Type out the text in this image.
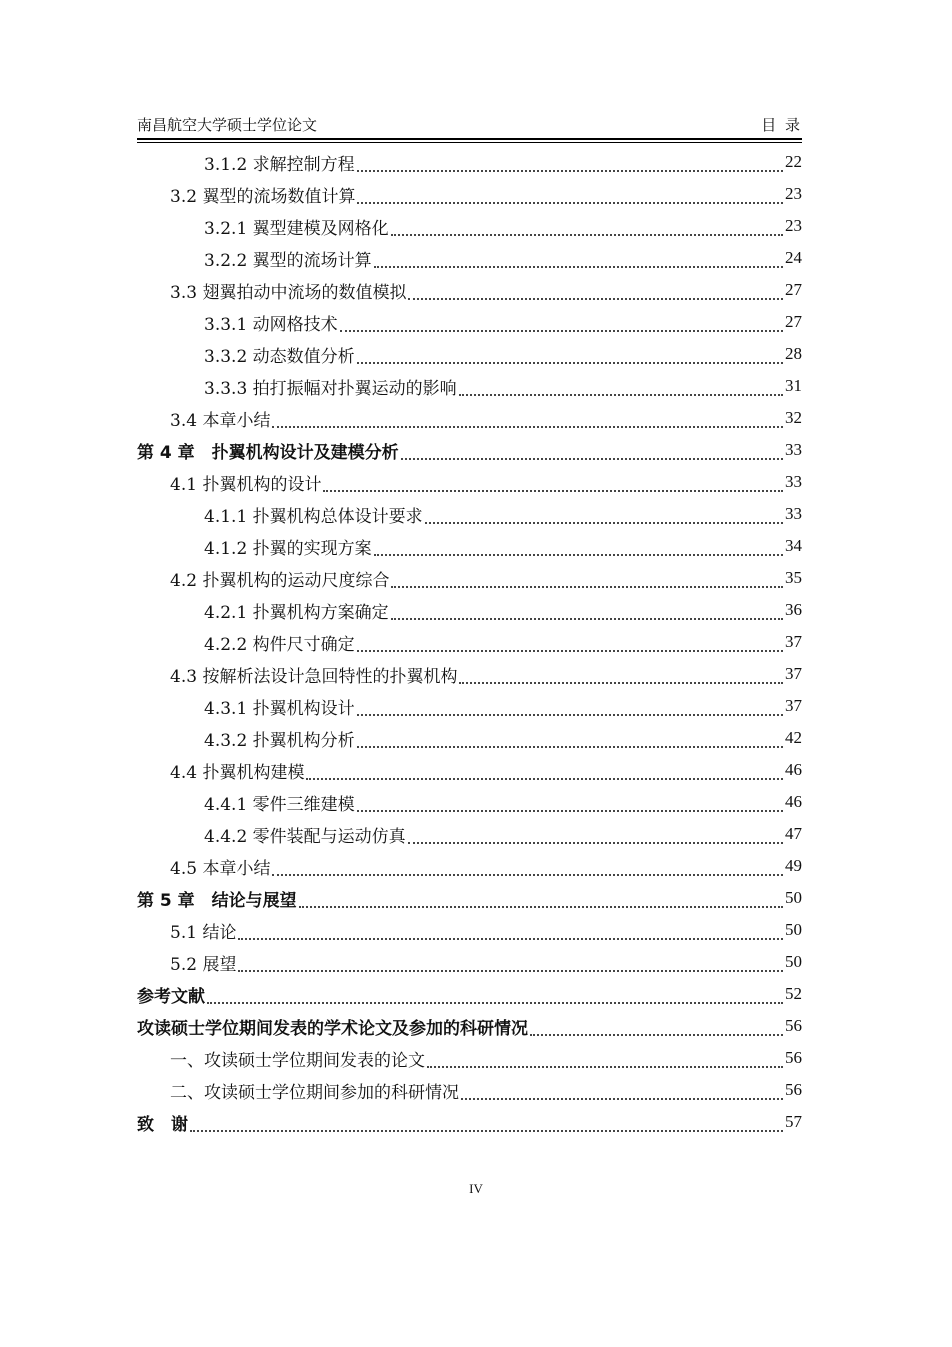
南昌航空大学硕士学位论文	目 录
3.1.2 求解控制方程	22
3.2 翼型的流场数值计算	23
3.2.1 翼型建模及网格化	23
3.2.2 翼型的流场计算	24
3.3 翅翼拍动中流场的数值模拟	27
3.3.1 动网格技术	27
3.3.2 动态数值分析	28
3.3.3 拍打振幅对扑翼运动的影响	31
3.4 本章小结	32
第 4 章　扑翼机构设计及建模分析	33
4.1 扑翼机构的设计	33
4.1.1 扑翼机构总体设计要求	33
4.1.2 扑翼的实现方案	34
4.2 扑翼机构的运动尺度综合	35
4.2.1 扑翼机构方案确定	36
4.2.2 构件尺寸确定	37
4.3 按解析法设计急回特性的扑翼机构	37
4.3.1 扑翼机构设计	37
4.3.2 扑翼机构分析	42
4.4 扑翼机构建模	46
4.4.1 零件三维建模	46
4.4.2 零件装配与运动仿真	47
4.5 本章小结	49
第 5 章　结论与展望	50
5.1 结论	50
5.2 展望	50
参考文献	52
攻读硕士学位期间发表的学术论文及参加的科研情况	56
一、攻读硕士学位期间发表的论文	56
二、攻读硕士学位期间参加的科研情况	56
致　谢	57
IV
